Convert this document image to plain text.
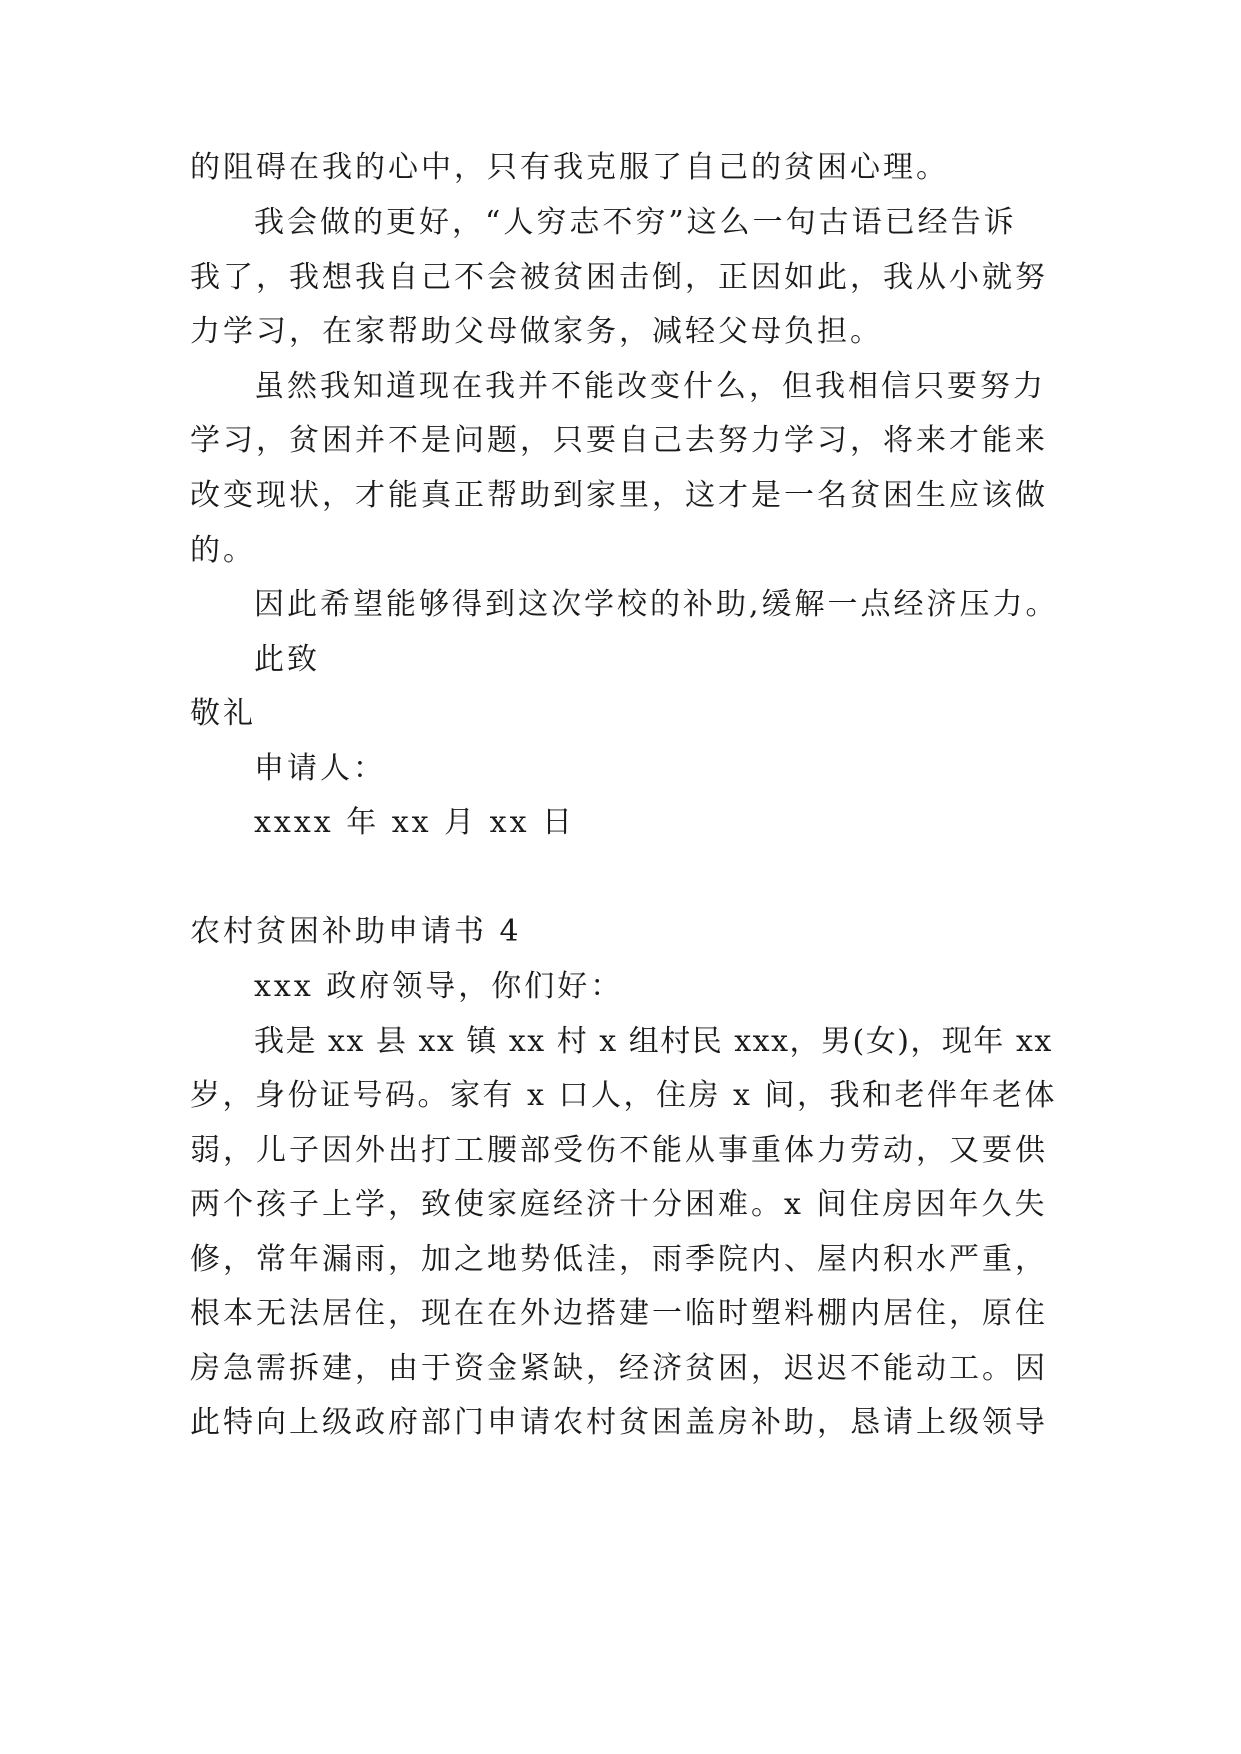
的阻碍在我的心中，只有我克服了自己的贫困心理。
我会做的更好，“人穷志不穷”这么一句古语已经告诉
我了，我想我自己不会被贫困击倒，正因如此，我从小就努
力学习，在家帮助父母做家务，减轻父母负担。
虽然我知道现在我并不能改变什么，但我相信只要努力
学习，贫困并不是问题，只要自己去努力学习，将来才能来
改变现状，才能真正帮助到家里，这才是一名贫困生应该做
的。
因此希望能够得到这次学校的补助,缓解一点经济压力。
此致
敬礼
申请人：
xxxx 年 xx 月 xx 日
农村贫困补助申请书 4
xxx 政府领导，你们好：
我是 xx 县 xx 镇 xx 村 x 组村民 xxx，男(女)，现年 xx
岁，身份证号码。家有 x 口人，住房 x 间，我和老伴年老体
弱，儿子因外出打工腰部受伤不能从事重体力劳动，又要供
两个孩子上学，致使家庭经济十分困难。x 间住房因年久失
修，常年漏雨，加之地势低洼，雨季院内、屋内积水严重，
根本无法居住，现在在外边搭建一临时塑料棚内居住，原住
房急需拆建，由于资金紧缺，经济贫困，迟迟不能动工。因
此特向上级政府部门申请农村贫困盖房补助，恳请上级领导
